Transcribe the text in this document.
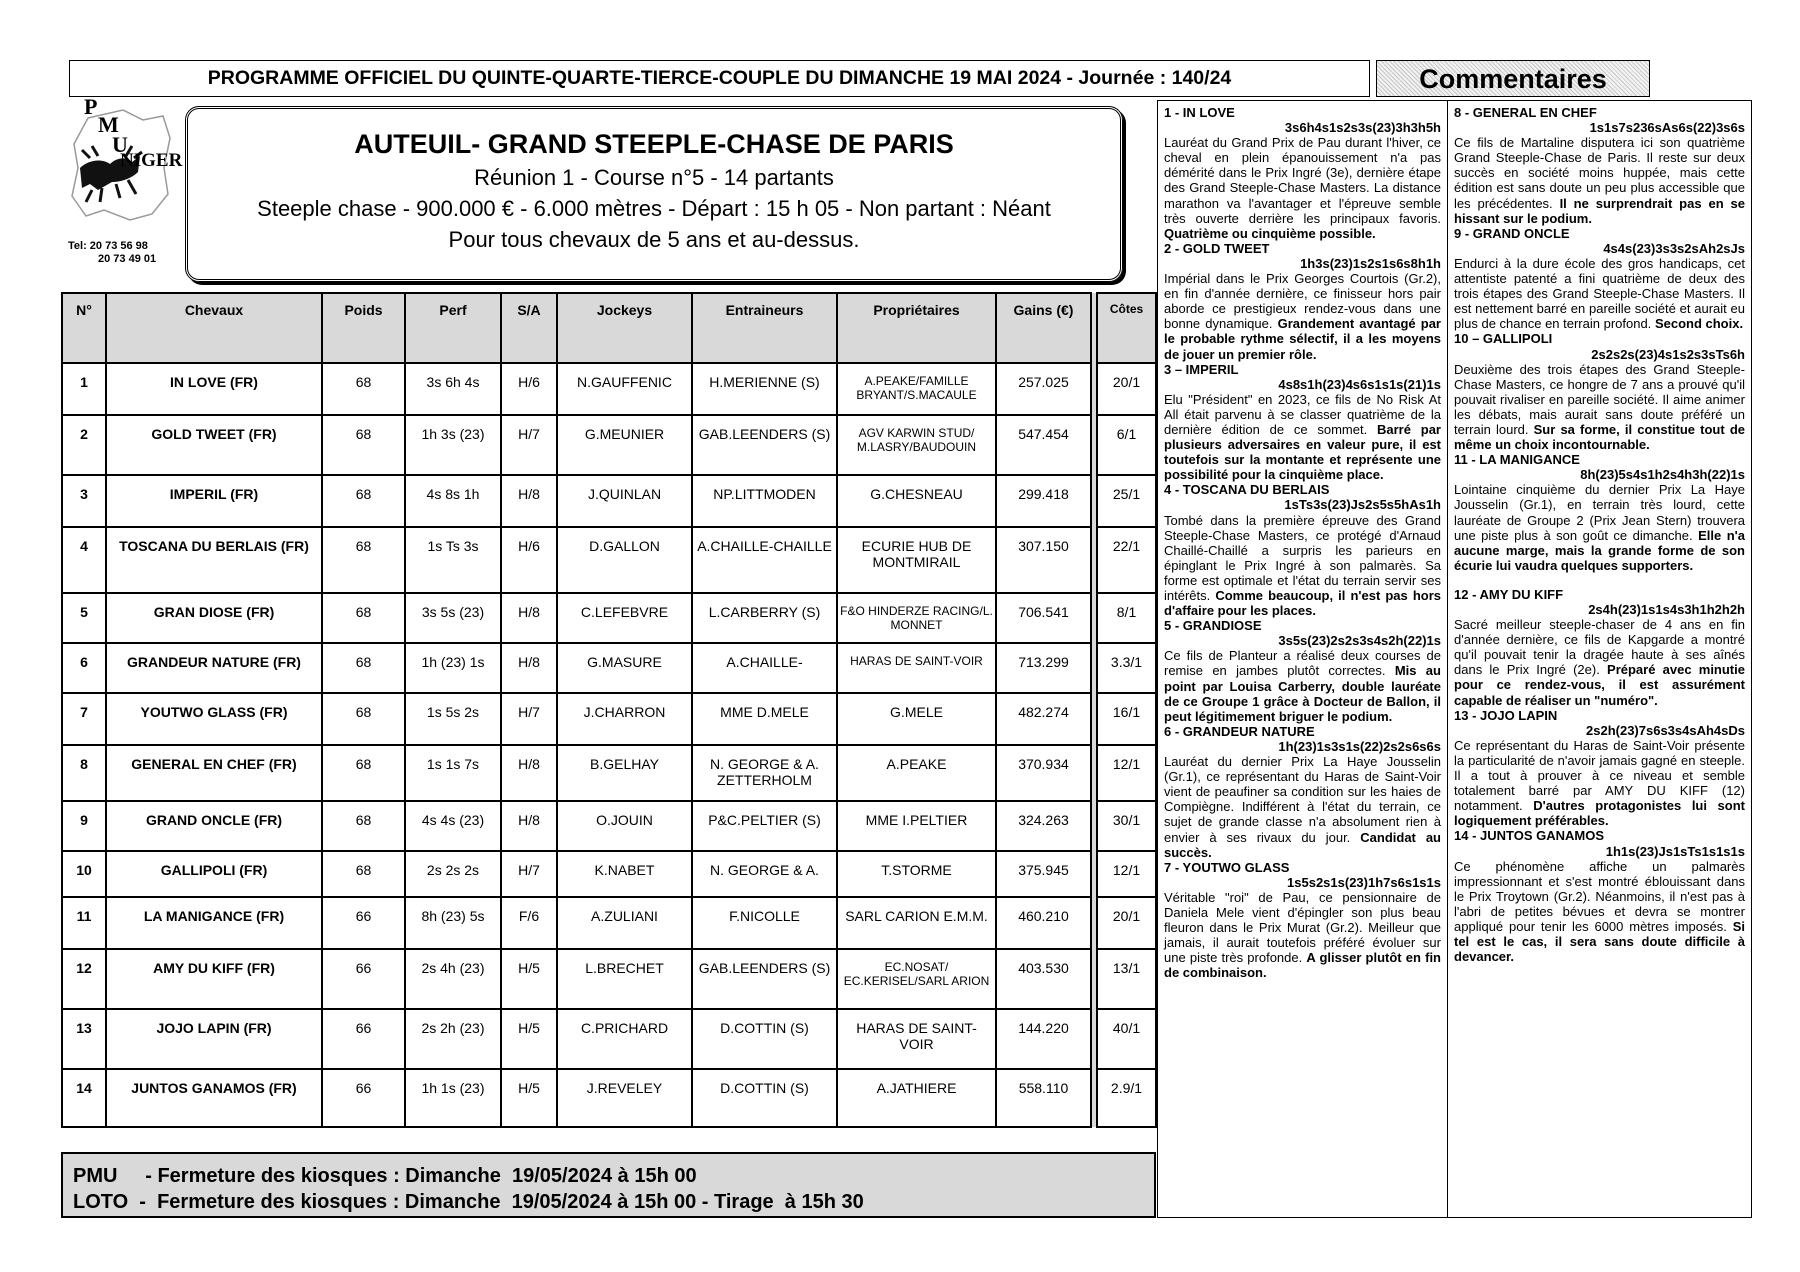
PROGRAMME OFFICIEL DU QUINTE-QUARTE-TIERCE-COUPLE DU DIMANCHE 19 MAI 2024 - Journée : 140/24	Commentaires
P
M
U
NIGER
Tel: 20 73 56 98
20 73 49 01
AUTEUIL- GRAND STEEPLE-CHASE DE PARIS
Réunion 1 - Course n°5 - 14 partants
Steeple chase - 900.000 € - 6.000 mètres - Départ : 15 h 05 - Non partant : Néant
Pour tous chevaux de 5 ans et au-dessus.
N°	Chevaux	Poids	Perf	S/A	Jockeys	Entraineurs	Propriétaires	Gains (€)		Côtes
1	IN LOVE (FR)	68	3s 6h 4s	H/6	N.GAUFFENIC	H.MERIENNE (S)	A.PEAKE/FAMILLE BRYANT/S.MACAULE	257.025		20/1
2	GOLD TWEET (FR)	68	1h 3s (23)	H/7	G.MEUNIER	GAB.LEENDERS (S)	AGV KARWIN STUD/ M.LASRY/BAUDOUIN	547.454		6/1
3	IMPERIL (FR)	68	4s 8s 1h	H/8	J.QUINLAN	NP.LITTMODEN	G.CHESNEAU	299.418		25/1
4	TOSCANA DU BERLAIS (FR)	68	1s Ts 3s	H/6	D.GALLON	A.CHAILLE-CHAILLE	ECURIE HUB DE MONTMIRAIL	307.150		22/1
5	GRAN DIOSE (FR)	68	3s 5s (23)	H/8	C.LEFEBVRE	L.CARBERRY (S)	F&O HINDERZE RACING/L. MONNET	706.541		8/1
6	GRANDEUR NATURE (FR)	68	1h (23) 1s	H/8	G.MASURE	A.CHAILLE-	HARAS DE SAINT-VOIR	713.299		3.3/1
7	YOUTWO GLASS (FR)	68	1s 5s 2s	H/7	J.CHARRON	MME D.MELE	G.MELE	482.274		16/1
8	GENERAL EN CHEF (FR)	68	1s 1s 7s	H/8	B.GELHAY	N. GEORGE & A. ZETTERHOLM	A.PEAKE	370.934		12/1
9	GRAND ONCLE (FR)	68	4s 4s (23)	H/8	O.JOUIN	P&C.PELTIER (S)	MME I.PELTIER	324.263		30/1
10	GALLIPOLI (FR)	68	2s 2s 2s	H/7	K.NABET	N. GEORGE & A.	T.STORME	375.945		12/1
11	LA MANIGANCE (FR)	66	8h (23) 5s	F/6	A.ZULIANI	F.NICOLLE	SARL CARION E.M.M.	460.210		20/1
12	AMY DU KIFF (FR)	66	2s 4h (23)	H/5	L.BRECHET	GAB.LEENDERS (S)	EC.NOSAT/ EC.KERISEL/SARL ARION	403.530		13/1
13	JOJO LAPIN (FR)	66	2s 2h (23)	H/5	C.PRICHARD	D.COTTIN (S)	HARAS DE SAINT-VOIR	144.220		40/1
14	JUNTOS GANAMOS (FR)	66	1h 1s (23)	H/5	J.REVELEY	D.COTTIN (S)	A.JATHIERE	558.110		2.9/1
PMU     - Fermeture des kiosques : Dimanche  19/05/2024 à 15h 00
LOTO  -  Fermeture des kiosques : Dimanche  19/05/2024 à 15h 00 - Tirage  à 15h 30
1 - IN LOVE
3s6h4s1s2s3s(23)3h3h5h
Lauréat du Grand Prix de Pau durant l'hiver, ce cheval en plein épanouissement n'a pas démérité dans le Prix Ingré (3e), dernière étape des Grand Steeple-Chase Masters. La distance marathon va l'avantager et l'épreuve semble très ouverte derrière les principaux favoris. Quatrième ou cinquième possible.
2 - GOLD TWEET
1h3s(23)1s2s1s6s8h1h
Impérial dans le Prix Georges Courtois (Gr.2), en fin d'année dernière, ce finisseur hors pair aborde ce prestigieux rendez-vous dans une bonne dynamique. Grandement avantagé par le probable rythme sélectif, il a les moyens de jouer un premier rôle.
3 – IMPERIL
4s8s1h(23)4s6s1s1s(21)1s
Elu "Président" en 2023, ce fils de No Risk At All était parvenu à se classer quatrième de la dernière édition de ce sommet. Barré par plusieurs adversaires en valeur pure, il est toutefois sur la montante et représente une possibilité pour la cinquième place.
4 - TOSCANA DU BERLAIS
1sTs3s(23)Js2s5s5hAs1h
Tombé dans la première épreuve des Grand Steeple-Chase Masters, ce protégé d'Arnaud Chaillé-Chaillé a surpris les parieurs en épinglant le Prix Ingré à son palmarès. Sa forme est optimale et l'état du terrain servir ses intérêts. Comme beaucoup, il n'est pas hors d'affaire pour les places.
5 - GRANDIOSE
3s5s(23)2s2s3s4s2h(22)1s
Ce fils de Planteur a réalisé deux courses de remise en jambes plutôt correctes. Mis au point par Louisa Carberry, double lauréate de ce Groupe 1 grâce à Docteur de Ballon, il peut légitimement briguer le podium.
6 - GRANDEUR NATURE
1h(23)1s3s1s(22)2s2s6s6s
Lauréat du dernier Prix La Haye Jousselin (Gr.1), ce représentant du Haras de Saint-Voir vient de peaufiner sa condition sur les haies de Compiègne. Indifférent à l'état du terrain, ce sujet de grande classe n'a absolument rien à envier à ses rivaux du jour. Candidat au succès.
7 - YOUTWO GLASS
1s5s2s1s(23)1h7s6s1s1s
Véritable "roi" de Pau, ce pensionnaire de Daniela Mele vient d'épingler son plus beau fleuron dans le Prix Murat (Gr.2). Meilleur que jamais, il aurait toutefois préféré évoluer sur une piste très profonde. A glisser plutôt en fin de combinaison.
8 - GENERAL EN CHEF
1s1s7s236sAs6s(22)3s6s
Ce fils de Martaline disputera ici son quatrième Grand Steeple-Chase de Paris. Il reste sur deux succès en société moins huppée, mais cette édition est sans doute un peu plus accessible que les précédentes. Il ne surprendrait pas en se hissant sur le podium.
9 - GRAND ONCLE
4s4s(23)3s3s2sAh2sJs
Endurci à la dure école des gros handicaps, cet attentiste patenté a fini quatrième de deux des trois étapes des Grand Steeple-Chase Masters. Il est nettement barré en pareille société et aurait eu plus de chance en terrain profond. Second choix.
10 – GALLIPOLI
2s2s2s(23)4s1s2s3sTs6h
Deuxième des trois étapes des Grand Steeple-Chase Masters, ce hongre de 7 ans a prouvé qu'il pouvait rivaliser en pareille société. Il aime animer les débats, mais aurait sans doute préféré un terrain lourd. Sur sa forme, il constitue tout de même un choix incontournable.
11 - LA MANIGANCE
8h(23)5s4s1h2s4h3h(22)1s
Lointaine cinquième du dernier Prix La Haye Jousselin (Gr.1), en terrain très lourd, cette lauréate de Groupe 2 (Prix Jean Stern) trouvera une piste plus à son goût ce dimanche. Elle n'a aucune marge, mais la grande forme de son écurie lui vaudra quelques supporters.
12 - AMY DU KIFF
2s4h(23)1s1s4s3h1h2h2h
Sacré meilleur steeple-chaser de 4 ans en fin d'année dernière, ce fils de Kapgarde a montré qu'il pouvait tenir la dragée haute à ses aînés dans le Prix Ingré (2e). Préparé avec minutie pour ce rendez-vous, il est assurément capable de réaliser un "numéro".
13 - JOJO LAPIN
2s2h(23)7s6s3s4sAh4sDs
Ce représentant du Haras de Saint-Voir présente la particularité de n'avoir jamais gagné en steeple. Il a tout à prouver à ce niveau et semble totalement barré par AMY DU KIFF (12) notamment. D'autres protagonistes lui sont logiquement préférables.
14 - JUNTOS GANAMOS
1h1s(23)Js1sTs1s1s1s
Ce phénomène affiche un palmarès impressionnant et s'est montré éblouissant dans le Prix Troytown (Gr.2). Néanmoins, il n'est pas à l'abri de petites bévues et devra se montrer appliqué pour tenir les 6000 mètres imposés. Si tel est le cas, il sera sans doute difficile à devancer.
